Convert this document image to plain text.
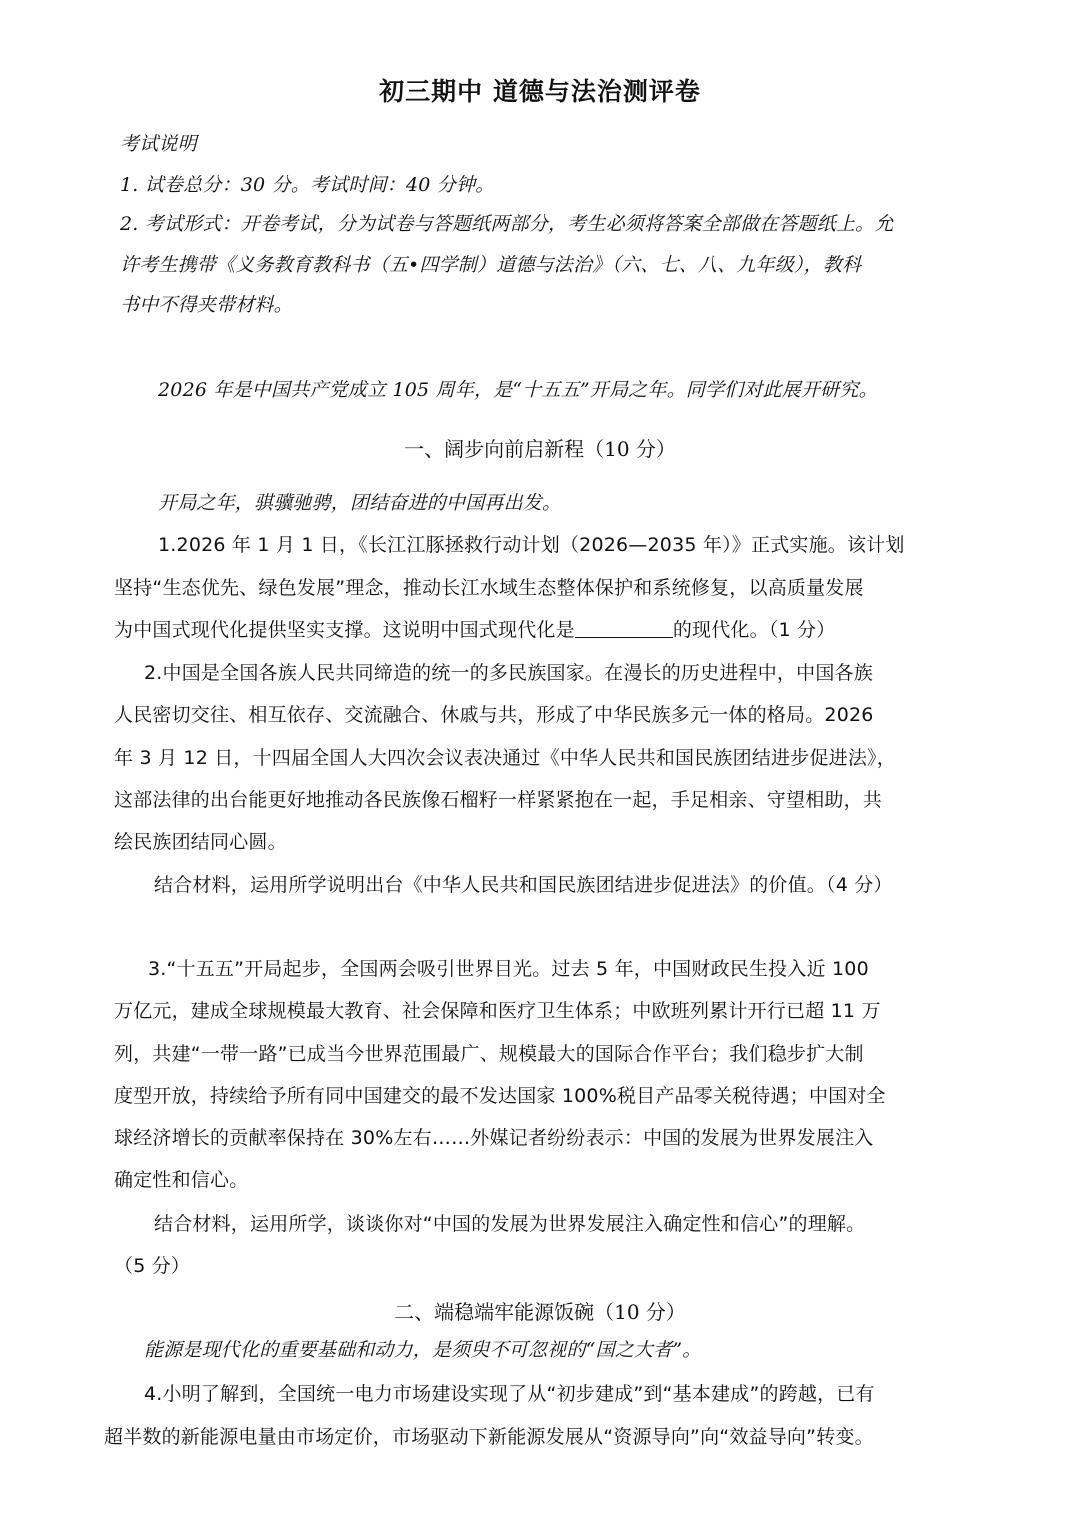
初三期中 道德与法治测评卷
考试说明
1. 试卷总分：30 分。考试时间：40 分钟。
2. 考试形式：开卷考试，分为试卷与答题纸两部分，考生必须将答案全部做在答题纸上。允
许考生携带《义务教育教科书（五•四学制）道德与法治》（六、七、八、九年级），教科
书中不得夹带材料。
2026 年是中国共产党成立 105 周年，是“十五五”开局之年。同学们对此展开研究。
一、阔步向前启新程（10 分）
开局之年，骐骥驰骋，团结奋进的中国再出发。
1.2026 年 1 月 1 日，《长江江豚拯救行动计划（2026—2035 年）》正式实施。该计划
坚持“生态优先、绿色发展”理念，推动长江水域生态整体保护和系统修复，以高质量发展
为中国式现代化提供坚实支撑。这说明中国式现代化是	的现代化。（1 分）
2.中国是全国各族人民共同缔造的统一的多民族国家。在漫长的历史进程中，中国各族
人民密切交往、相互依存、交流融合、休戚与共，形成了中华民族多元一体的格局。2026
年 3 月 12 日，十四届全国人大四次会议表决通过《中华人民共和国民族团结进步促进法》，
这部法律的出台能更好地推动各民族像石榴籽一样紧紧抱在一起，手足相亲、守望相助，共
绘民族团结同心圆。
结合材料，运用所学说明出台《中华人民共和国民族团结进步促进法》的价值。（4 分）
3.“十五五”开局起步，全国两会吸引世界目光。过去 5 年，中国财政民生投入近 100
万亿元，建成全球规模最大教育、社会保障和医疗卫生体系；中欧班列累计开行已超 11 万
列，共建“一带一路”已成当今世界范围最广、规模最大的国际合作平台；我们稳步扩大制
度型开放，持续给予所有同中国建交的最不发达国家 100%税目产品零关税待遇；中国对全
球经济增长的贡献率保持在 30%左右……外媒记者纷纷表示：中国的发展为世界发展注入
确定性和信心。
结合材料，运用所学，谈谈你对“中国的发展为世界发展注入确定性和信心”的理解。
（5 分）
二、端稳端牢能源饭碗（10 分）
能源是现代化的重要基础和动力，是须臾不可忽视的“国之大者”。
4.小明了解到，全国统一电力市场建设实现了从“初步建成”到“基本建成”的跨越，已有
超半数的新能源电量由市场定价，市场驱动下新能源发展从“资源导向”向“效益导向”转变。
